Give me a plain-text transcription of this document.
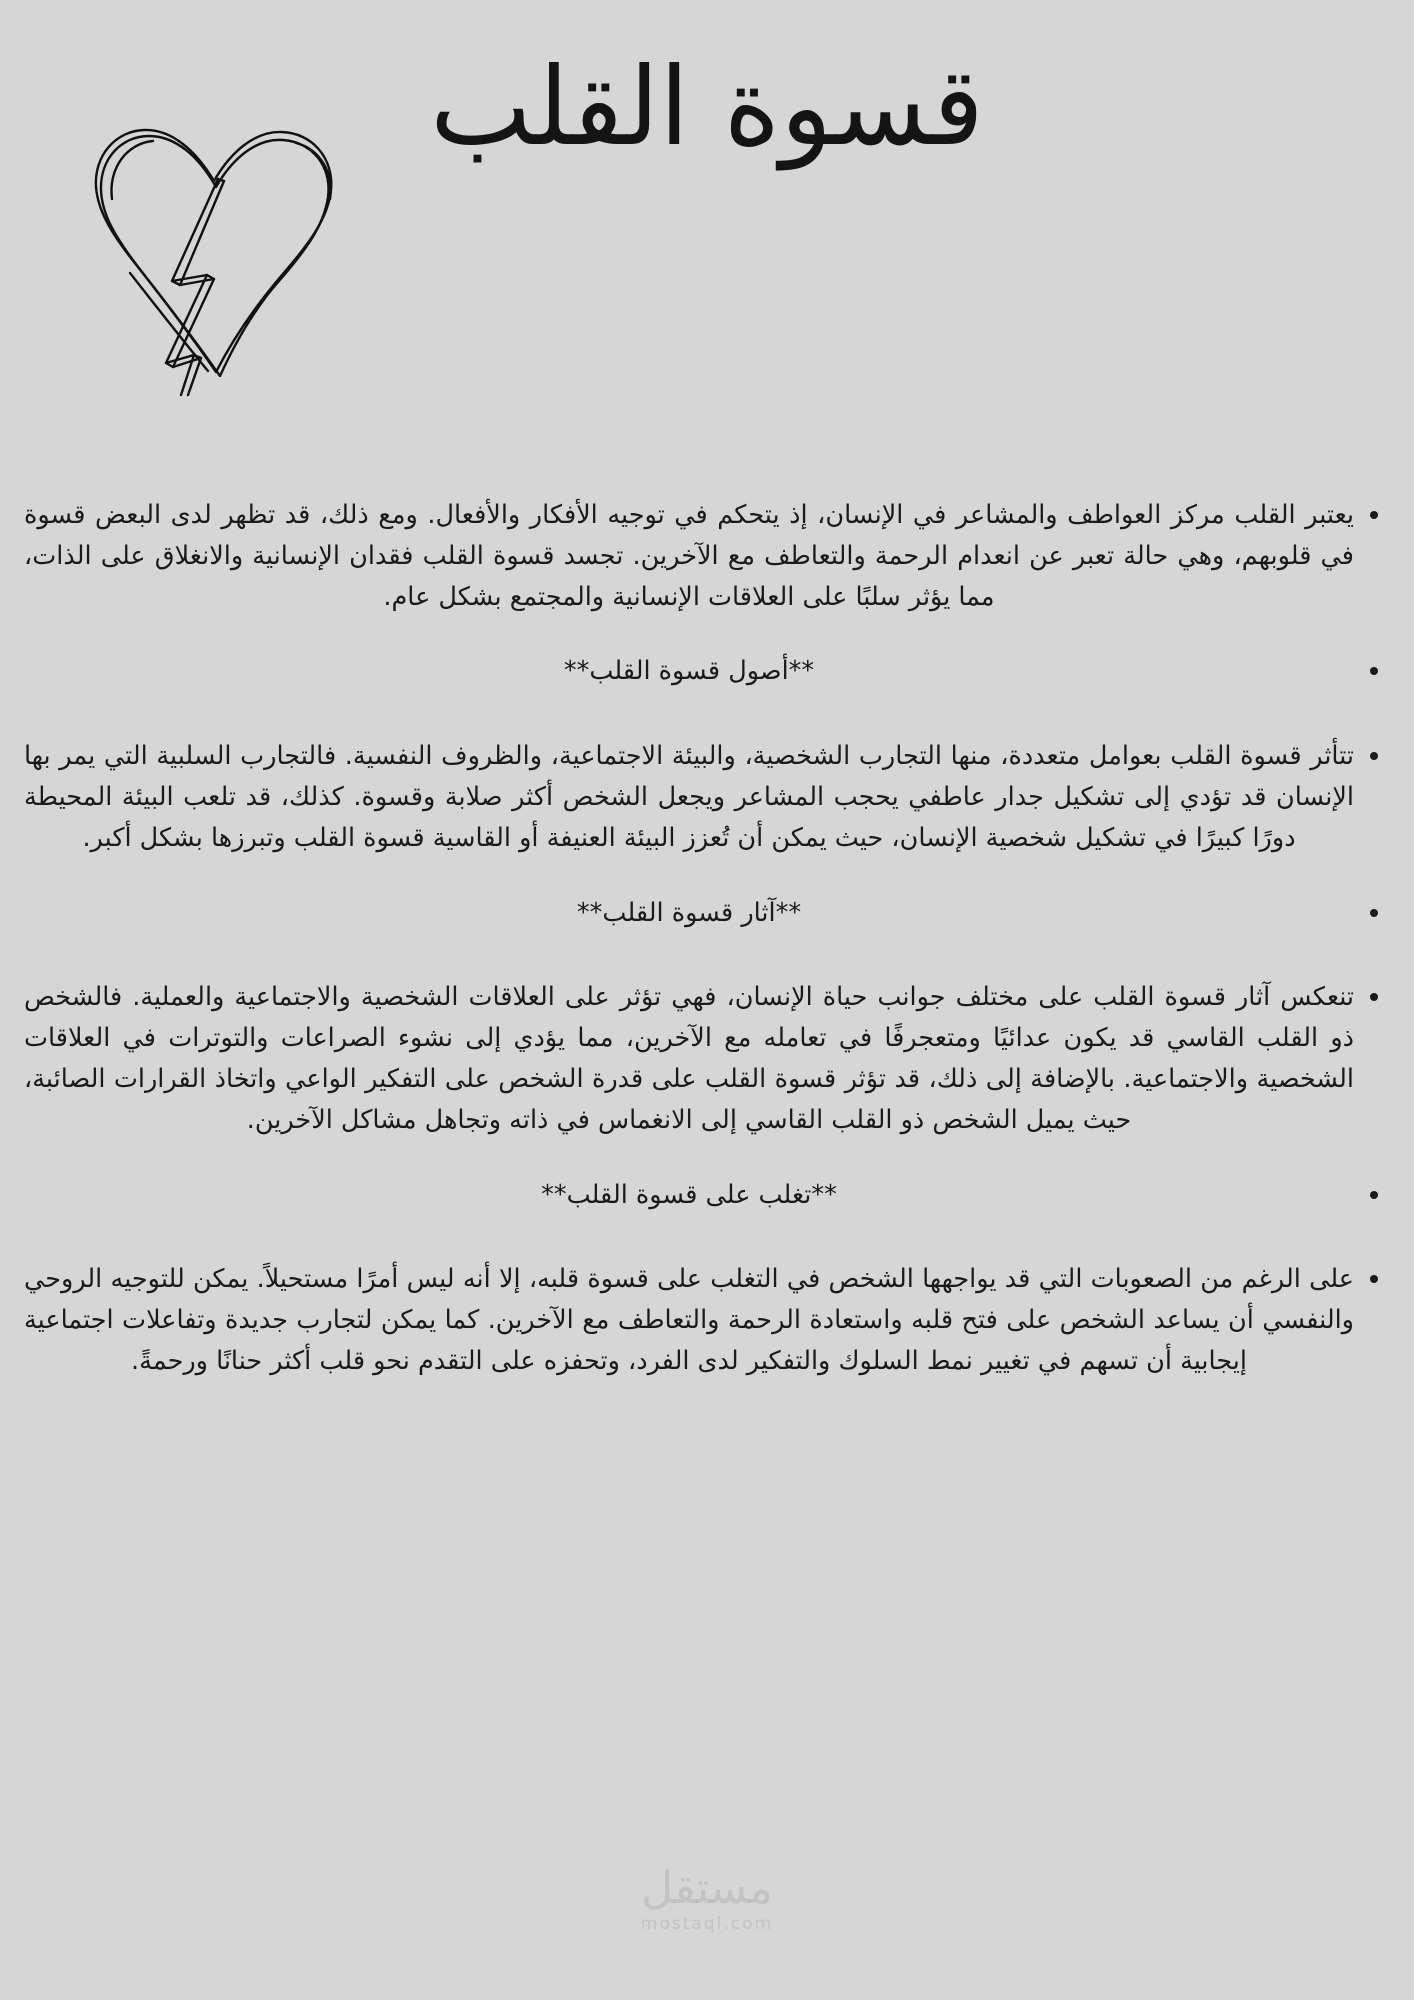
قسوة القلب
يعتبر القلب مركز العواطف والمشاعر في الإنسان، إذ يتحكم في توجيه الأفكار والأفعال. ومع ذلك، قد تظهر لدى البعض قسوة في قلوبهم، وهي حالة تعبر عن انعدام الرحمة والتعاطف مع الآخرين. تجسد قسوة القلب فقدان الإنسانية والانغلاق على الذات، مما يؤثر سلبًا على العلاقات الإنسانية والمجتمع بشكل عام.
**أصول قسوة القلب**
تتأثر قسوة القلب بعوامل متعددة، منها التجارب الشخصية، والبيئة الاجتماعية، والظروف النفسية. فالتجارب السلبية التي يمر بها الإنسان قد تؤدي إلى تشكيل جدار عاطفي يحجب المشاعر ويجعل الشخص أكثر صلابة وقسوة. كذلك، قد تلعب البيئة المحيطة دورًا كبيرًا في تشكيل شخصية الإنسان، حيث يمكن أن تُعزز البيئة العنيفة أو القاسية قسوة القلب وتبرزها بشكل أكبر.
**آثار قسوة القلب**
تنعكس آثار قسوة القلب على مختلف جوانب حياة الإنسان، فهي تؤثر على العلاقات الشخصية والاجتماعية والعملية. فالشخص ذو القلب القاسي قد يكون عدائيًا ومتعجرفًا في تعامله مع الآخرين، مما يؤدي إلى نشوء الصراعات والتوترات في العلاقات الشخصية والاجتماعية. بالإضافة إلى ذلك، قد تؤثر قسوة القلب على قدرة الشخص على التفكير الواعي واتخاذ القرارات الصائبة، حيث يميل الشخص ذو القلب القاسي إلى الانغماس في ذاته وتجاهل مشاكل الآخرين.
**تغلب على قسوة القلب**
على الرغم من الصعوبات التي قد يواجهها الشخص في التغلب على قسوة قلبه، إلا أنه ليس أمرًا مستحيلاً. يمكن للتوجيه الروحي والنفسي أن يساعد الشخص على فتح قلبه واستعادة الرحمة والتعاطف مع الآخرين. كما يمكن لتجارب جديدة وتفاعلات اجتماعية إيجابية أن تسهم في تغيير نمط السلوك والتفكير لدى الفرد، وتحفزه على التقدم نحو قلب أكثر حنانًا ورحمةً.
مستقل
mostaql.com
